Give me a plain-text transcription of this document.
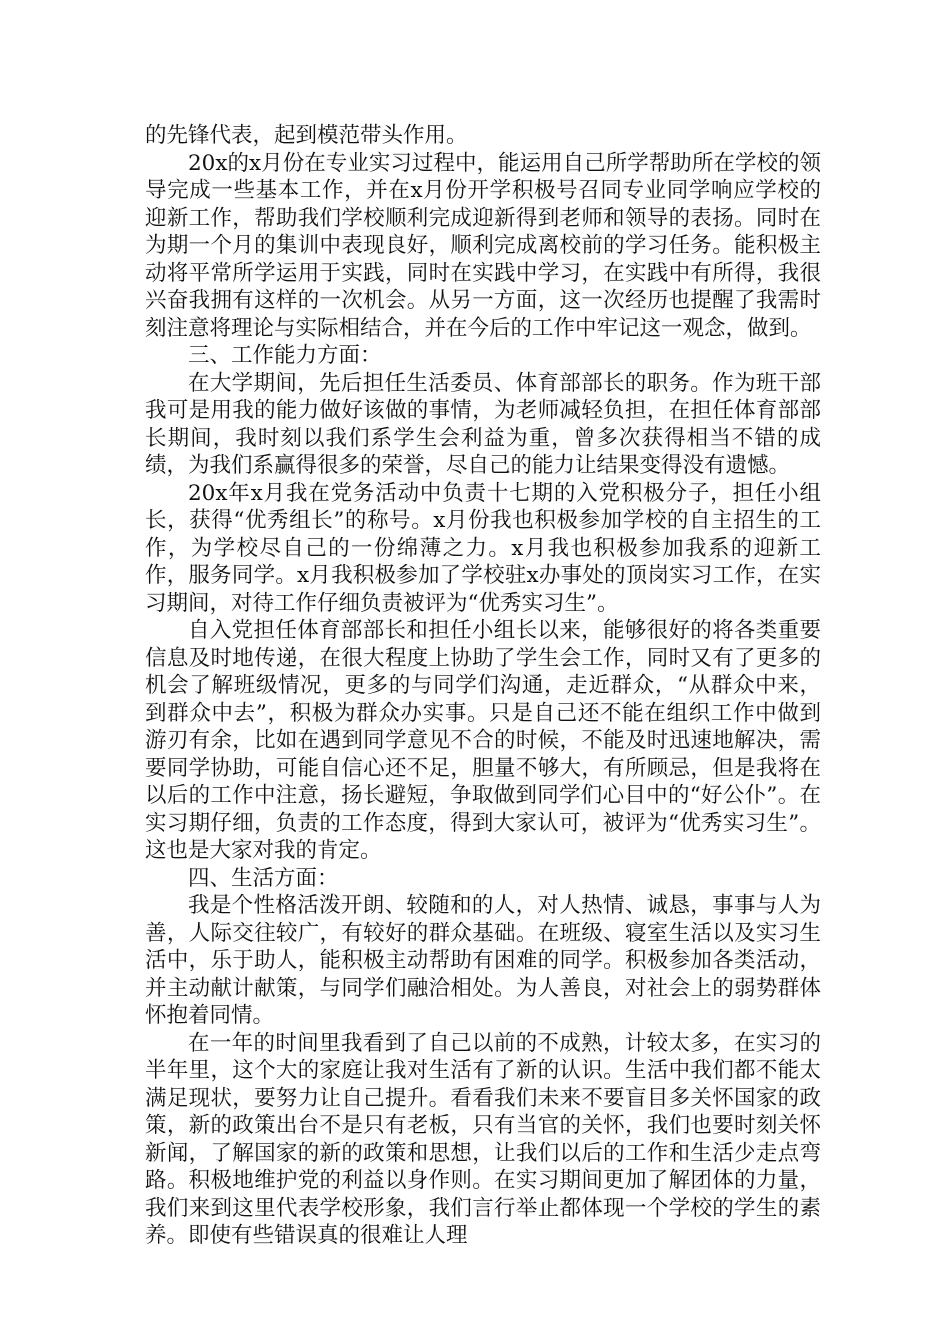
的先锋代表，起到模范带头作用。

20x的x月份在专业实习过程中，能运用自己所学帮助所在学校的领导完成一些基本工作，并在x月份开学积极号召同专业同学响应学校的迎新工作，帮助我们学校顺利完成迎新得到老师和领导的表扬。同时在为期一个月的集训中表现良好，顺利完成离校前的学习任务。能积极主动将平常所学运用于实践，同时在实践中学习，在实践中有所得，我很兴奋我拥有这样的一次机会。从另一方面，这一次经历也提醒了我需时刻注意将理论与实际相结合，并在今后的工作中牢记这一观念，做到。

三、工作能力方面：

在大学期间，先后担任生活委员、体育部部长的职务。作为班干部我可是用我的能力做好该做的事情，为老师减轻负担，在担任体育部部长期间，我时刻以我们系学生会利益为重，曾多次获得相当不错的成绩，为我们系赢得很多的荣誉，尽自己的能力让结果变得没有遗憾。

20x年x月我在党务活动中负责十七期的入党积极分子，担任小组长，获得“优秀组长”的称号。x月份我也积极参加学校的自主招生的工作，为学校尽自己的一份绵薄之力。x月我也积极参加我系的迎新工作，服务同学。x月我积极参加了学校驻x办事处的顶岗实习工作，在实习期间，对待工作仔细负责被评为“优秀实习生”。

自入党担任体育部部长和担任小组长以来，能够很好的将各类重要信息及时地传递，在很大程度上协助了学生会工作，同时又有了更多的机会了解班级情况，更多的与同学们沟通，走近群众，“从群众中来，到群众中去”，积极为群众办实事。只是自己还不能在组织工作中做到游刃有余，比如在遇到同学意见不合的时候，不能及时迅速地解决，需要同学协助，可能自信心还不足，胆量不够大，有所顾忌，但是我将在以后的工作中注意，扬长避短，争取做到同学们心目中的“好公仆”。在实习期仔细，负责的工作态度，得到大家认可，被评为“优秀实习生”。这也是大家对我的肯定。

四、生活方面：

我是个性格活泼开朗、较随和的人，对人热情、诚恳，事事与人为善，人际交往较广，有较好的群众基础。在班级、寝室生活以及实习生活中，乐于助人，能积极主动帮助有困难的同学。积极参加各类活动，并主动献计献策，与同学们融洽相处。为人善良，对社会上的弱势群体怀抱着同情。

在一年的时间里我看到了自己以前的不成熟，计较太多，在实习的半年里，这个大的家庭让我对生活有了新的认识。生活中我们都不能太满足现状，要努力让自己提升。看看我们未来不要盲目多关怀国家的政策，新的政策出台不是只有老板，只有当官的关怀，我们也要时刻关怀新闻，了解国家的新的政策和思想，让我们以后的工作和生活少走点弯路。积极地维护党的利益以身作则。在实习期间更加了解团体的力量，我们来到这里代表学校形象，我们言行举止都体现一个学校的学生的素养。即使有些错误真的很难让人理
